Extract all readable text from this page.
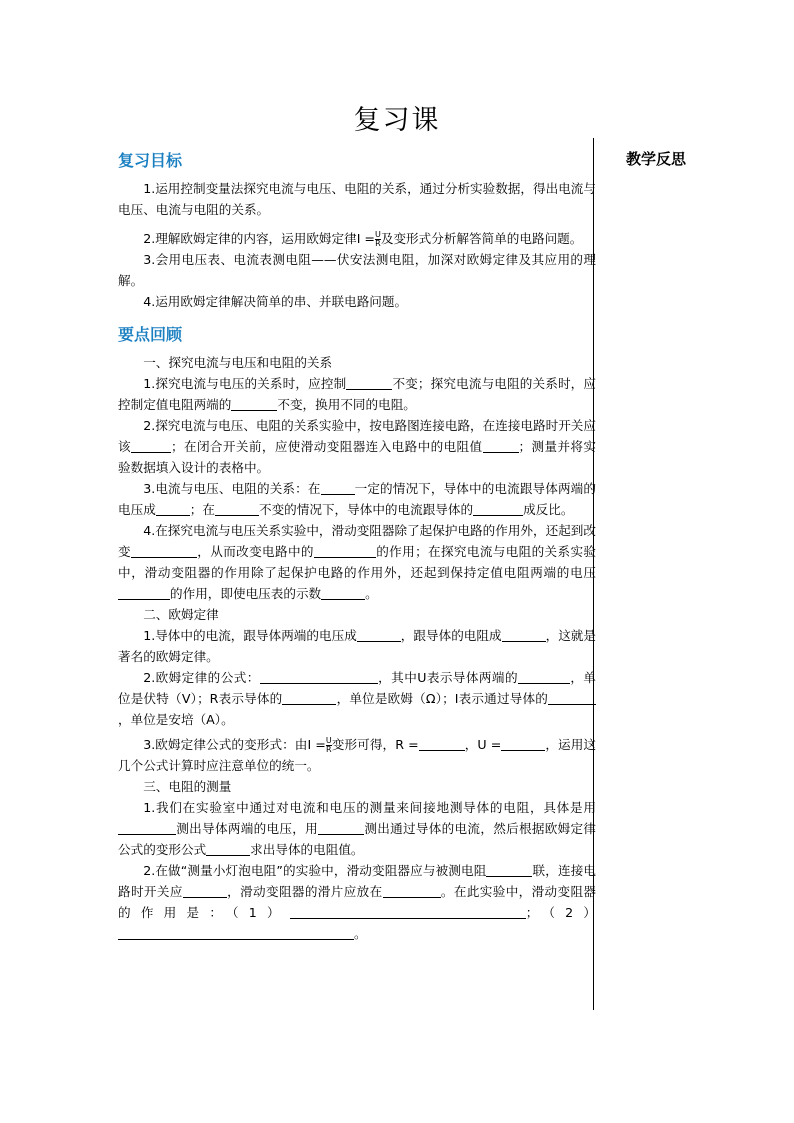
复习课
教学反思
复习目标

1.运用控制变量法探究电流与电压、电阻的关系，通过分析实验数据，得出电流与电压、电流与电阻的关系。

2.理解欧姆定律的内容，运用欧姆定律$I = \frac{U}{R}$ 及变形式分析解答简单的电路问题。

3.会用电压表、电流表测电阻——伏安法测电阻，加深对欧姆定律及其应用的理解。

4.运用欧姆定律解决简单的串、并联电路问题。

要点回顾

一、探究电流与电压和电阻的关系

1.探究电流与电压的关系时，应控制	不变；探究电流与电阻的关系时，应控制定值电阻两端的	不变，换用不同的电阻。

2.探究电流与电压、电阻的关系实验中，按电路图连接电路，在连接电路时开关应该	；在闭合开关前，应使滑动变阻器连入电路中的电阻值	；测量并将实验数据填入设计的表格中。

3.电流与电压、电阻的关系：在	一定的情况下，导体中的电流跟导体两端的电压成	；在	不变的情况下，导体中的电流跟导体的	成反比。

4.在探究电流与电压关系实验中，滑动变阻器除了起保护电路的作用外，还起到改变	，从而改变电路中的	的作用；在探究电流与电阻的关系实验中，滑动变阻器的作用除了起保护电路的作用外，还起到保持定值电阻两端的电压的作用，即使电压表的示数	。

二、欧姆定律

1.导体中的电流，跟导体两端的电压成	，跟导体的电阻成	，这就是著名的欧姆定律。

2.欧姆定律的公式：	，其中U表示导体两端的	，单位是伏特（V）；R表示导体的	，单位是欧姆（Ω）；I表示通过导体的，单位是安培（A）。

3.欧姆定律公式的变形式：由$I = \frac{U}{R}$ 变形可得，R =	，U =	，运用这几个公式计算时应注意单位的统一。

三、电阻的测量

1.我们在实验室中通过对电流和电压的测量来间接地测导体的电阻，具体是用测出导体两端的电压，用	测出通过导体的电流，然后根据欧姆定律公式的变形公式	求出导体的电阻值。

2.在做“测量小灯泡电阻”的实验中，滑动变阻器应与被测电阻	联，连接电路时开关应	，滑动变阻器的滑片应放在	。在此实验中，滑动变阻器的作用是：（1）	；（2）。
